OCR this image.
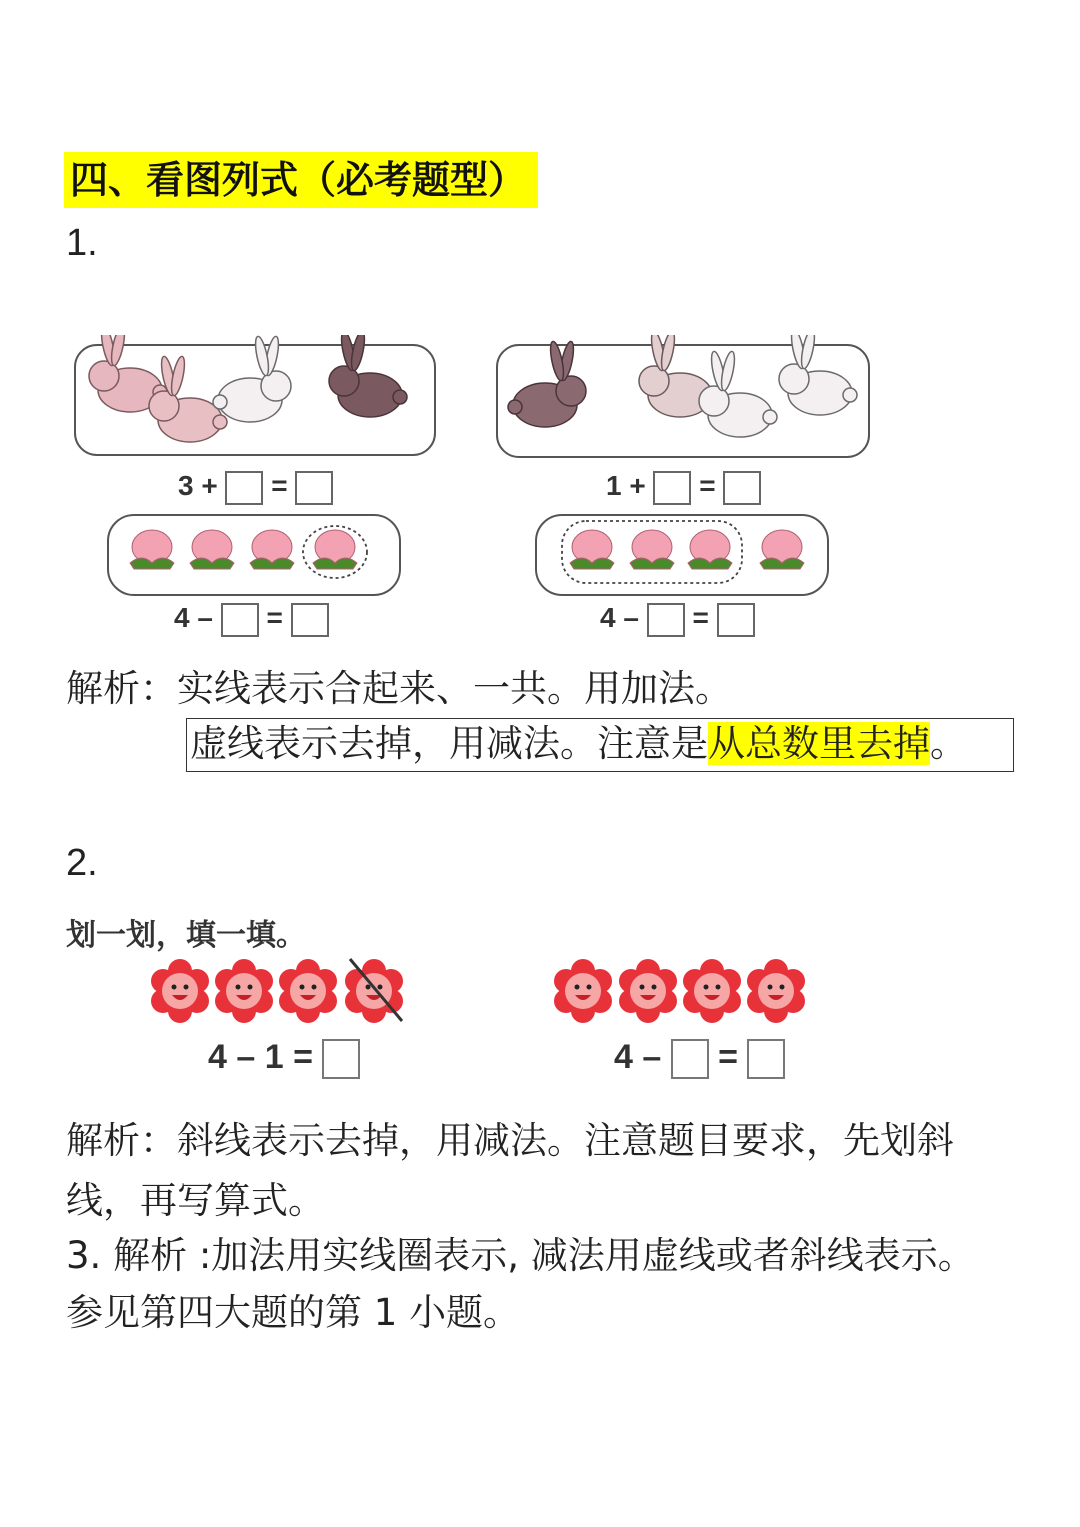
四、看图列式（必考题型）
1.
3 + =	1 + =
4 – =	4 – =
解析：实线表示合起来、一共。用加法。
虚线表示去掉，用减法。注意是从总数里去掉。
2.
划一划，填一填。
4 – 1 =	4 – =
解析：斜线表示去掉，用减法。注意题目要求，先划斜
线，再写算式。
3. 解析 :加法用实线圈表示, 减法用虚线或者斜线表示。
参见第四大题的第 1 小题。
